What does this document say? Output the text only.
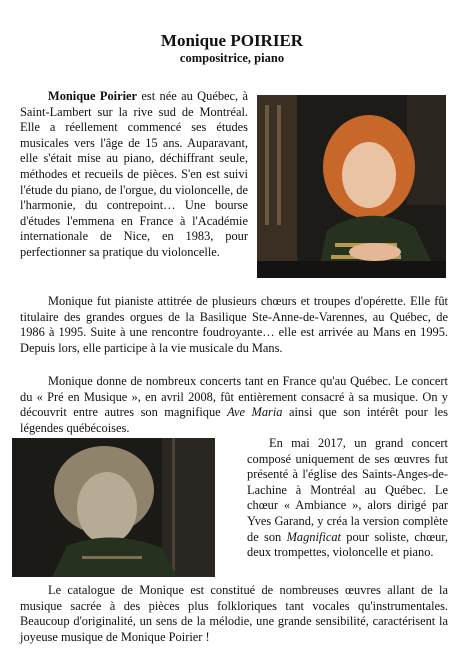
Monique POIRIER
compositrice, piano

Monique Poirier est née au Québec, à Saint-Lambert sur la rive sud de Montréal. Elle a réellement commencé ses études musicales vers l'âge de 15 ans. Auparavant, elle s'était mise au piano, déchiffrant seule, méthodes et recueils de pièces. S'en est suivi l'étude du piano, de l'orgue, du violoncelle, de l'harmonie, du contrepoint… Une bourse d'études l'emmena en France à l'Académie internationale de Nice, en 1983, pour perfectionner sa pratique du violoncelle.

Monique fut pianiste attitrée de plusieurs chœurs et troupes d'opérette. Elle fût titulaire des grandes orgues de la Basilique Ste-Anne-de-Varennes, au Québec, de 1986 à 1995. Suite à une rencontre foudroyante… elle est arrivée au Mans en 1995. Depuis lors, elle participe à la vie musicale du Mans.

Monique donne de nombreux concerts tant en France qu'au Québec. Le concert du « Pré en Musique », en avril 2008, fût entièrement consacré à sa musique. On y découvrit entre autres son magnifique Ave Maria ainsi que son intérêt pour les légendes québécoises.

En mai 2017, un grand concert composé uniquement de ses œuvres fut présenté à l'église des Saints-Anges-de-Lachine à Montréal au Québec. Le chœur « Ambiance », alors dirigé par Yves Garand, y créa la version complète de son Magnificat pour soliste, chœur, deux trompettes, violoncelle et piano.

Le catalogue de Monique est constitué de nombreuses œuvres allant de la musique sacrée à des pièces plus folkloriques tant vocales qu'instrumentales. Beaucoup d'originalité, un sens de la mélodie, une grande sensibilité, caractérisent la joyeuse musique de Monique Poirier !
